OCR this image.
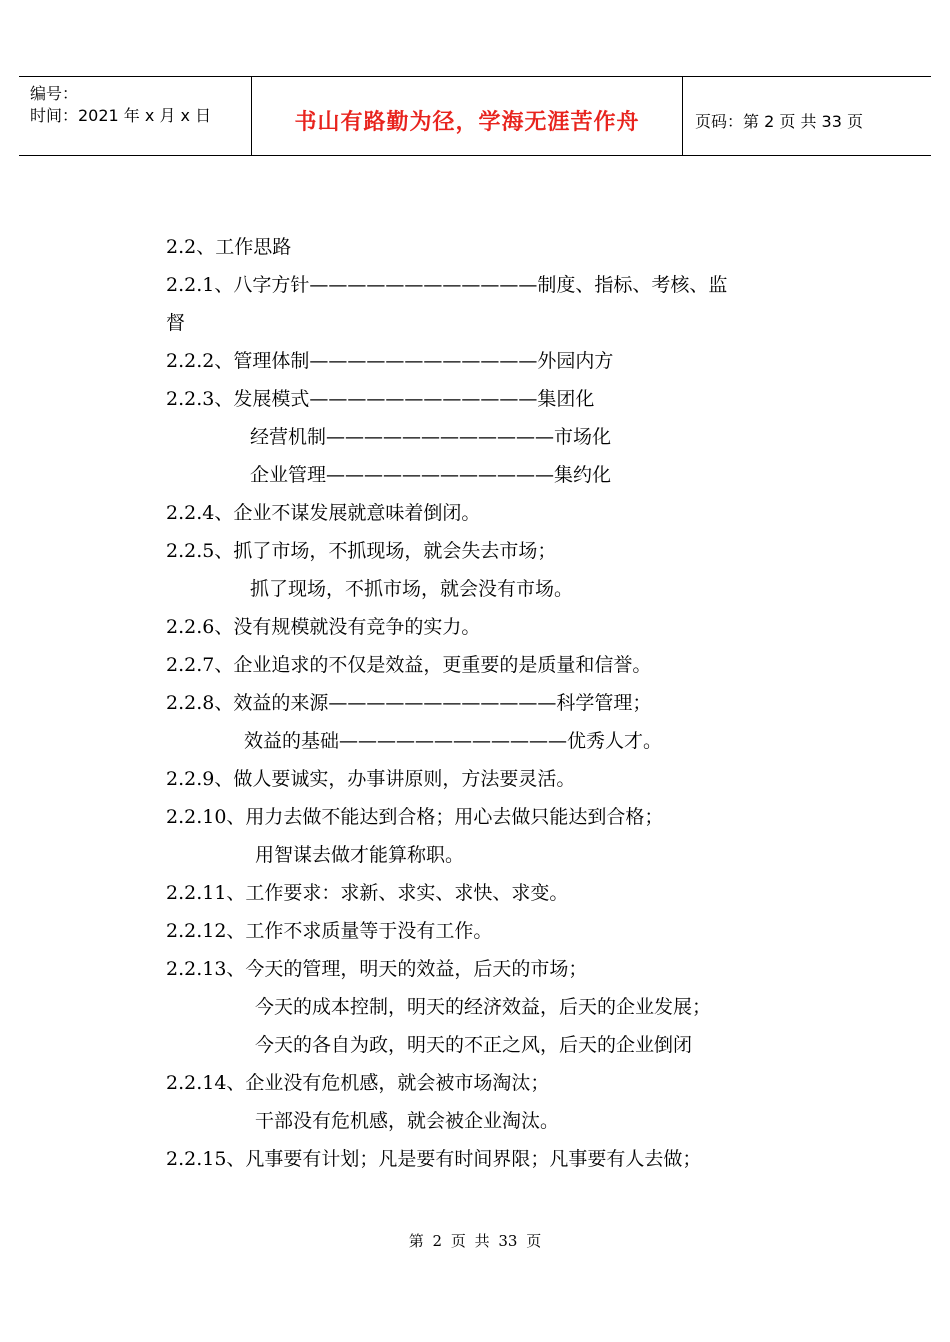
编号：
时间：2021 年 x 月 x 日	书山有路勤为径，学海无涯苦作舟	页码：第 2 页 共 33 页
2.2、工作思路
2.2.1、八字方针————————————制度、指标、考核、监
督
2.2.2、管理体制————————————外园内方
2.2.3、发展模式————————————集团化
经营机制————————————市场化
企业管理————————————集约化
2.2.4、企业不谋发展就意味着倒闭。
2.2.5、抓了市场，不抓现场，就会失去市场；
抓了现场，不抓市场，就会没有市场。
2.2.6、没有规模就没有竞争的实力。
2.2.7、企业追求的不仅是效益，更重要的是质量和信誉。
2.2.8、效益的来源————————————科学管理；
效益的基础————————————优秀人才。
2.2.9、做人要诚实，办事讲原则，方法要灵活。
2.2.10、用力去做不能达到合格；用心去做只能达到合格；
用智谋去做才能算称职。
2.2.11、工作要求：求新、求实、求快、求变。
2.2.12、工作不求质量等于没有工作。
2.2.13、今天的管理，明天的效益，后天的市场；
今天的成本控制，明天的经济效益，后天的企业发展；
今天的各自为政，明天的不正之风，后天的企业倒闭
2.2.14、企业没有危机感，就会被市场淘汰；
干部没有危机感，就会被企业淘汰。
2.2.15、凡事要有计划；凡是要有时间界限；凡事要有人去做；
第 2 页 共 33 页
